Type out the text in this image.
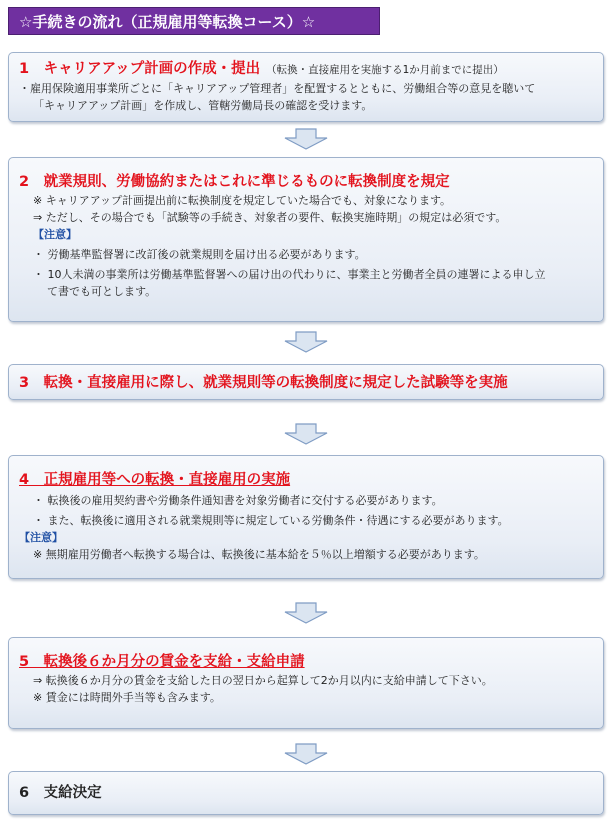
☆手続きの流れ（正規雇用等転換コース）☆
1　キャリアアップ計画の作成・提出 （転換・直接雇用を実施する1か月前までに提出）
・雇用保険適用事業所ごとに「キャリアアップ管理者」を配置するとともに、労働組合等の意見を聴いて
「キャリアアップ計画」を作成し、管轄労働局長の確認を受けます。
2　就業規則、労働協約またはこれに準じるものに転換制度を規定
※ キャリアアップ計画提出前に転換制度を規定していた場合でも、対象になります。
⇒ ただし、その場合でも「試験等の手続き、対象者の要件、転換実施時期」の規定は必須です。
【注意】
・ 労働基準監督署に改訂後の就業規則を届け出る必要があります。
・ 10人未満の事業所は労働基準監督署への届け出の代わりに、事業主と労働者全員の連署による申し立
て書でも可とします。
3　転換・直接雇用に際し、就業規則等の転換制度に規定した試験等を実施
4　正規雇用等への転換・直接雇用の実施
・ 転換後の雇用契約書や労働条件通知書を対象労働者に交付する必要があります。
・ また、転換後に適用される就業規則等に規定している労働条件・待遇にする必要があります。
【注意】
※ 無期雇用労働者へ転換する場合は、転換後に基本給を５％以上増額する必要があります。
5　転換後６か月分の賃金を支給・支給申請
⇒ 転換後６か月分の賃金を支給した日の翌日から起算して2か月以内に支給申請して下さい。
※ 賃金には時間外手当等も含みます。
6　支給決定
